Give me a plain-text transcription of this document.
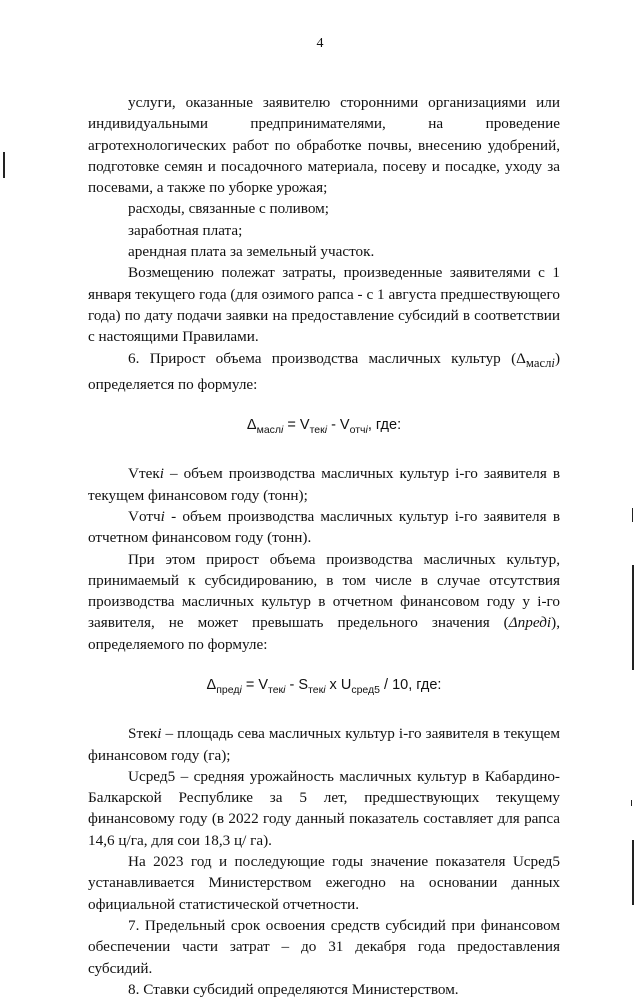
4

услуги, оказанные заявителю сторонними организациями или индивидуальными предпринимателями, на проведение агротехнологических работ по обработке почвы, внесению удобрений, подготовке семян и посадочного материала, посеву и посадке, уходу за посевами, а также по уборке урожая;

расходы, связанные с поливом;

заработная плата;

арендная плата за земельный участок.

Возмещению полежат затраты, произведенные заявителями с 1 января текущего года (для озимого рапса - с 1 августа предшествующего года) по дату подачи заявки на предоставление субсидий в соответствии с настоящими Правилами.

6. Прирост объема производства масличных культур $(\Delta_{маслi})$ определяется по формуле:

$\Delta_{маслi} = V_{текi} - V_{отчi}$, где:

Vтекi – объем производства масличных культур i-го заявителя в текущем финансовом году (тонн);

Vотчi - объем производства масличных культур i-го заявителя в отчетном финансовом году (тонн).

При этом прирост объема производства масличных культур, принимаемый к субсидированию, в том числе в случае отсутствия производства масличных культур в отчетном финансовом году у i-го заявителя, не может превышать предельного значения (Δпредi), определяемого по формуле:

$\Delta_{предi} = V_{текi} - S_{текi}$ x $U_{сред5} / 10$, где:

Sтекi – площадь сева масличных культур i-го заявителя в текущем финансовом году (га);

Uсред5 – средняя урожайность масличных культур в Кабардино-Балкарской Республике за 5 лет, предшествующих текущему финансовому году (в 2022 году данный показатель составляет для рапса 14,6 ц/га, для сои 18,3 ц/ га).

На 2023 год и последующие годы значение показателя Uсред5 устанавливается Министерством ежегодно на основании данных официальной статистической отчетности.

7. Предельный срок освоения средств субсидий при финансовом обеспечении части затрат – до 31 декабря года предоставления субсидий.

8. Ставки субсидий определяются Министерством.
